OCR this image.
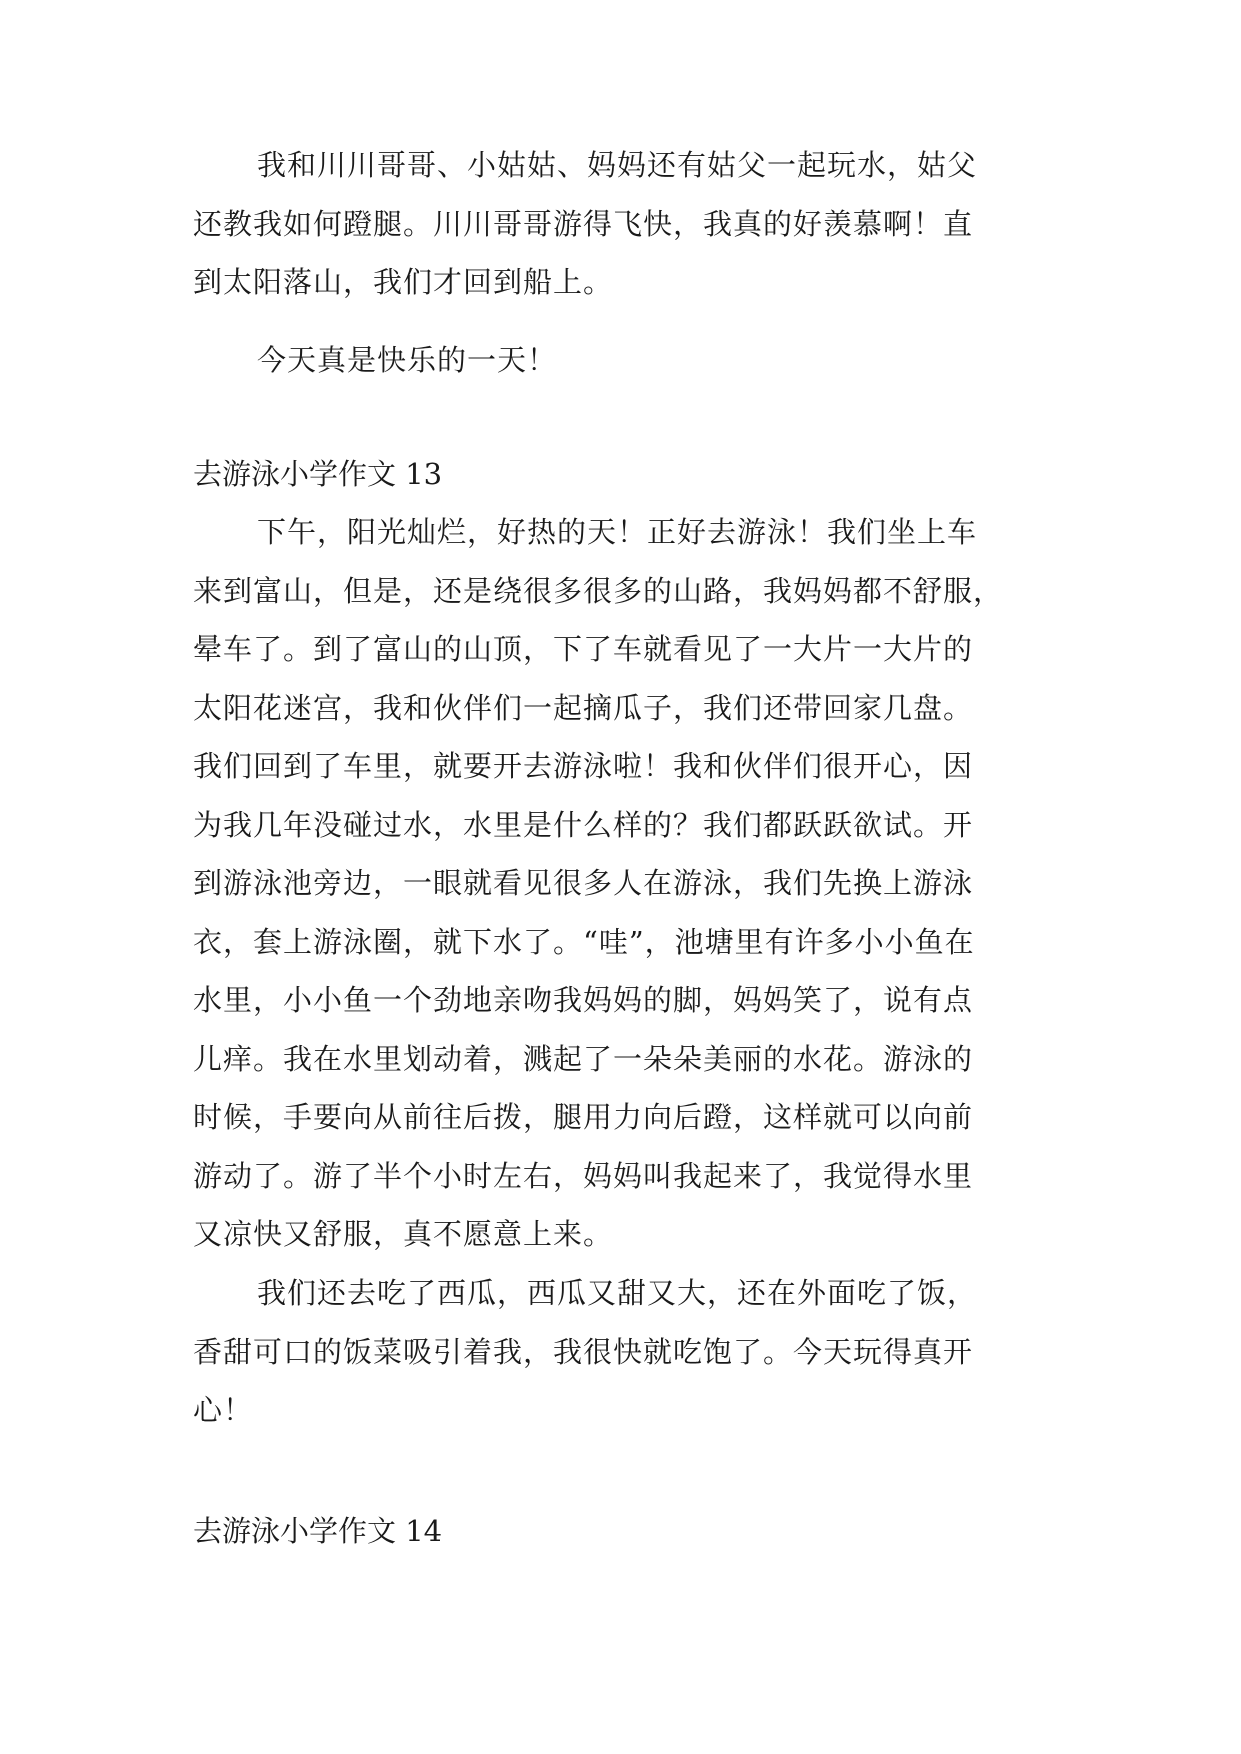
我和川川哥哥、小姑姑、妈妈还有姑父一起玩水，姑父
还教我如何蹬腿。川川哥哥游得飞快，我真的好羡慕啊！直
到太阳落山，我们才回到船上。
今天真是快乐的一天！
去游泳小学作文 13
下午，阳光灿烂，好热的天！正好去游泳！我们坐上车
来到富山，但是，还是绕很多很多的山路，我妈妈都不舒服，
晕车了。到了富山的山顶，下了车就看见了一大片一大片的
太阳花迷宫，我和伙伴们一起摘瓜子，我们还带回家几盘。
我们回到了车里，就要开去游泳啦！我和伙伴们很开心，因
为我几年没碰过水，水里是什么样的？我们都跃跃欲试。开
到游泳池旁边，一眼就看见很多人在游泳，我们先换上游泳
衣，套上游泳圈，就下水了。“哇”，池塘里有许多小小鱼在
水里，小小鱼一个劲地亲吻我妈妈的脚，妈妈笑了，说有点
儿痒。我在水里划动着，溅起了一朵朵美丽的水花。游泳的
时候，手要向从前往后拨，腿用力向后蹬，这样就可以向前
游动了。游了半个小时左右，妈妈叫我起来了，我觉得水里
又凉快又舒服，真不愿意上来。
我们还去吃了西瓜，西瓜又甜又大，还在外面吃了饭，
香甜可口的饭菜吸引着我，我很快就吃饱了。今天玩得真开
心！
去游泳小学作文 14
